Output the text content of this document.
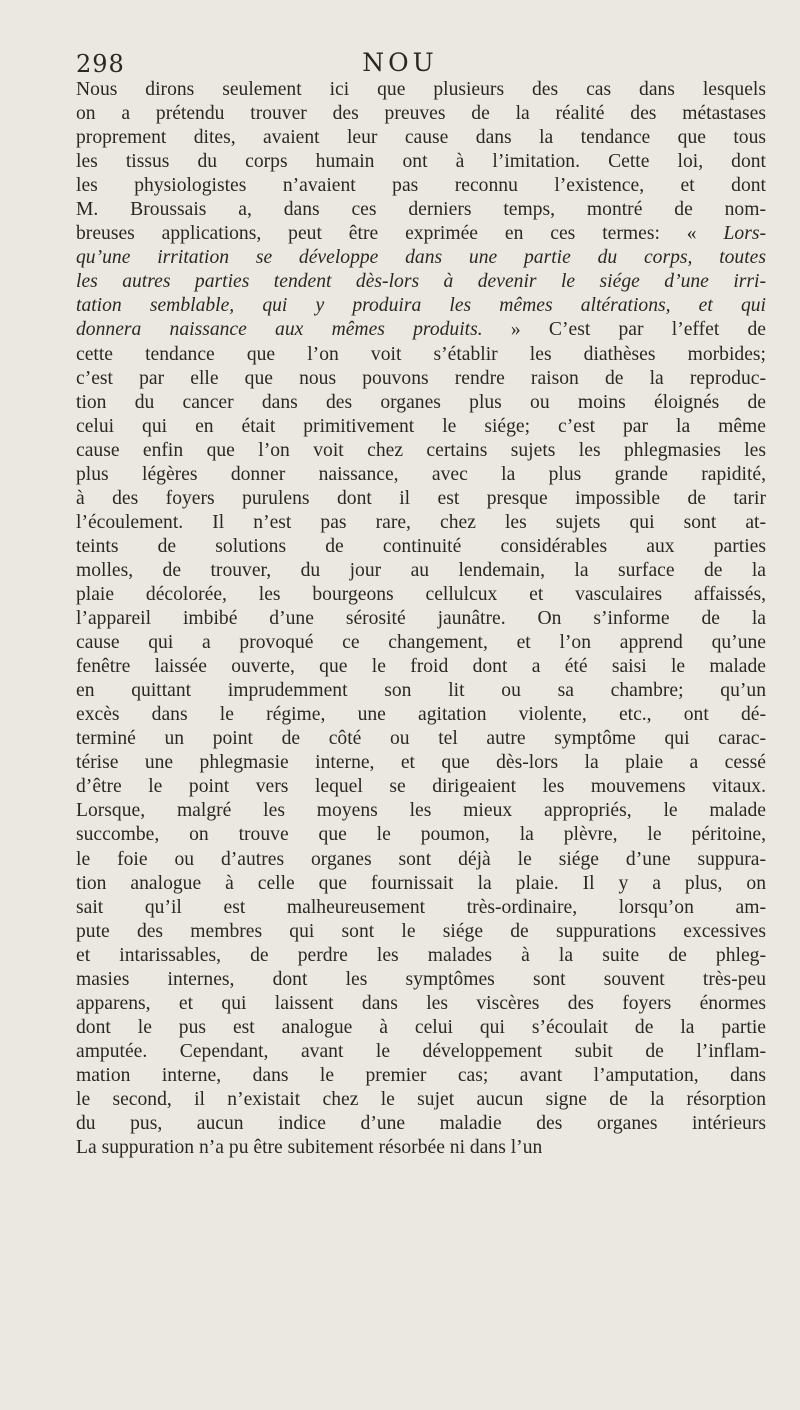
298	NOU
Nous dirons seulement ici que plusieurs des cas dans lesquels
on a prétendu trouver des preuves de la réalité des métastases
proprement dites, avaient leur cause dans la tendance que tous
les tissus du corps humain ont à l’imitation. Cette loi, dont
les physiologistes n’avaient pas reconnu l’existence, et dont
M. Broussais a, dans ces derniers temps, montré de nom-
breuses applications, peut être exprimée en ces termes: « Lors-
qu’une irritation se développe dans une partie du corps, toutes
les autres parties tendent dès-lors à devenir le siége d’une irri-
tation semblable, qui y produira les mêmes altérations, et qui
donnera naissance aux mêmes produits. » C’est par l’effet de
cette tendance que l’on voit s’établir les diathèses morbides;
c’est par elle que nous pouvons rendre raison de la reproduc-
tion du cancer dans des organes plus ou moins éloignés de
celui qui en était primitivement le siége; c’est par la même
cause enfin que l’on voit chez certains sujets les phlegmasies les
plus légères donner naissance, avec la plus grande rapidité,
à des foyers purulens dont il est presque impossible de tarir
l’écoulement. Il n’est pas rare, chez les sujets qui sont at-
teints de solutions de continuité considérables aux parties
molles, de trouver, du jour au lendemain, la surface de la
plaie décolorée, les bourgeons cellulcux et vasculaires affaissés,
l’appareil imbibé d’une sérosité jaunâtre. On s’informe de la
cause qui a provoqué ce changement, et l’on apprend qu’une
fenêtre laissée ouverte, que le froid dont a été saisi le malade
en quittant imprudemment son lit ou sa chambre; qu’un
excès dans le régime, une agitation violente, etc., ont dé-
terminé un point de côté ou tel autre symptôme qui carac-
térise une phlegmasie interne, et que dès-lors la plaie a cessé
d’être le point vers lequel se dirigeaient les mouvemens vitaux.
Lorsque, malgré les moyens les mieux appropriés, le malade
succombe, on trouve que le poumon, la plèvre, le péritoine,
le foie ou d’autres organes sont déjà le siége d’une suppura-
tion analogue à celle que fournissait la plaie. Il y a plus, on
sait qu’il est malheureusement très-ordinaire, lorsqu’on am-
pute des membres qui sont le siége de suppurations excessives
et intarissables, de perdre les malades à la suite de phleg-
masies internes, dont les symptômes sont souvent très-peu
apparens, et qui laissent dans les viscères des foyers énormes
dont le pus est analogue à celui qui s’écoulait de la partie
amputée. Cependant, avant le développement subit de l’inflam-
mation interne, dans le premier cas; avant l’amputation, dans
le second, il n’existait chez le sujet aucun signe de la résorption
du pus, aucun indice d’une maladie des organes intérieurs
La suppuration n’a pu être subitement résorbée ni dans l’un
